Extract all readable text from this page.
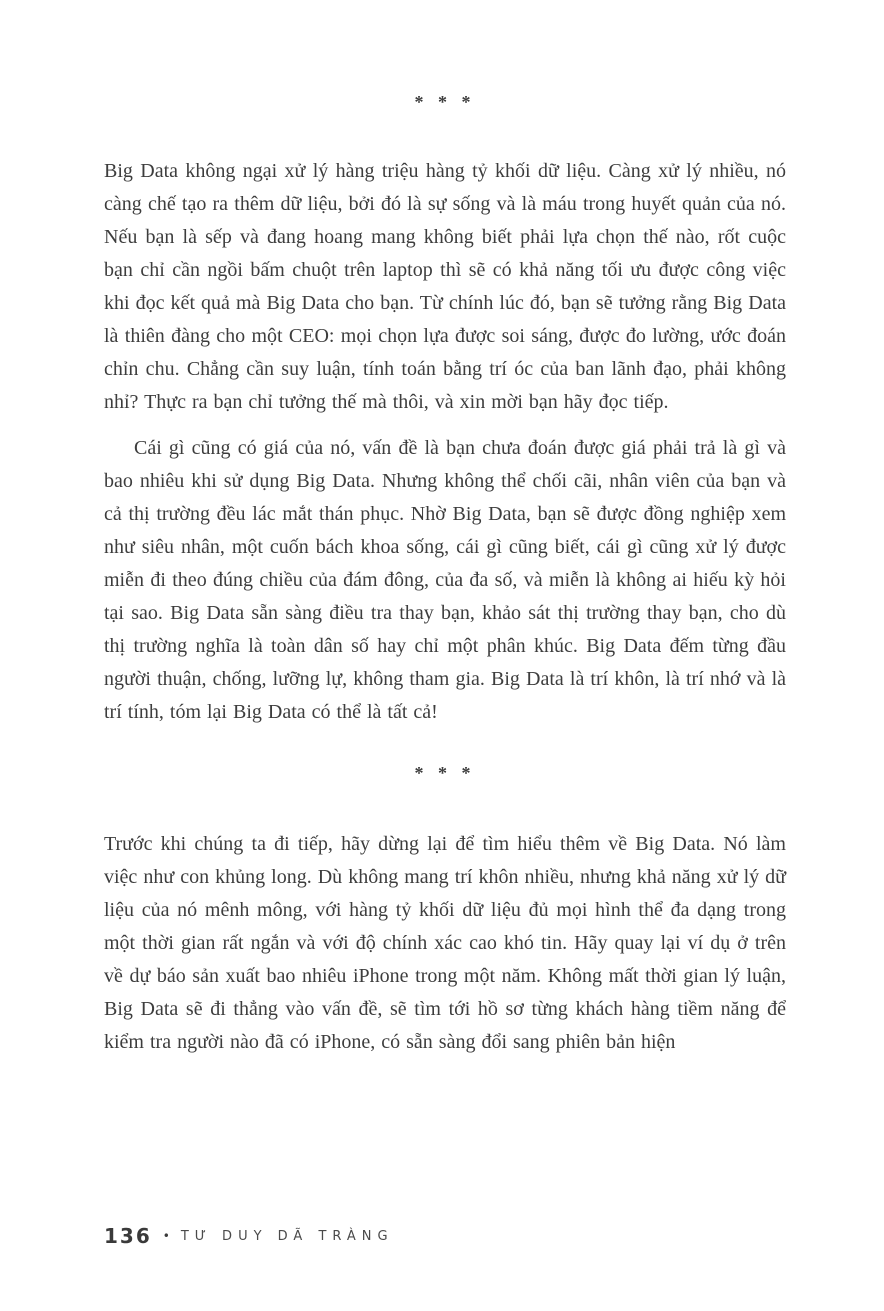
* * *

Big Data không ngại xử lý hàng triệu hàng tỷ khối dữ liệu. Càng xử lý nhiều, nó càng chế tạo ra thêm dữ liệu, bởi đó là sự sống và là máu trong huyết quản của nó. Nếu bạn là sếp và đang hoang mang không biết phải lựa chọn thế nào, rốt cuộc bạn chỉ cần ngồi bấm chuột trên laptop thì sẽ có khả năng tối ưu được công việc khi đọc kết quả mà Big Data cho bạn. Từ chính lúc đó, bạn sẽ tưởng rằng Big Data là thiên đàng cho một CEO: mọi chọn lựa được soi sáng, được đo lường, ước đoán chỉn chu. Chẳng cần suy luận, tính toán bằng trí óc của ban lãnh đạo, phải không nhỉ? Thực ra bạn chỉ tưởng thế mà thôi, và xin mời bạn hãy đọc tiếp.

Cái gì cũng có giá của nó, vấn đề là bạn chưa đoán được giá phải trả là gì và bao nhiêu khi sử dụng Big Data. Nhưng không thể chối cãi, nhân viên của bạn và cả thị trường đều lác mắt thán phục. Nhờ Big Data, bạn sẽ được đồng nghiệp xem như siêu nhân, một cuốn bách khoa sống, cái gì cũng biết, cái gì cũng xử lý được miễn đi theo đúng chiều của đám đông, của đa số, và miễn là không ai hiếu kỳ hỏi tại sao. Big Data sẵn sàng điều tra thay bạn, khảo sát thị trường thay bạn, cho dù thị trường nghĩa là toàn dân số hay chỉ một phân khúc. Big Data đếm từng đầu người thuận, chống, lưỡng lự, không tham gia. Big Data là trí khôn, là trí nhớ và là trí tính, tóm lại Big Data có thể là tất cả!

* * *

Trước khi chúng ta đi tiếp, hãy dừng lại để tìm hiểu thêm về Big Data. Nó làm việc như con khủng long. Dù không mang trí khôn nhiều, nhưng khả năng xử lý dữ liệu của nó mênh mông, với hàng tỷ khối dữ liệu đủ mọi hình thể đa dạng trong một thời gian rất ngắn và với độ chính xác cao khó tin. Hãy quay lại ví dụ ở trên về dự báo sản xuất bao nhiêu iPhone trong một năm. Không mất thời gian lý luận, Big Data sẽ đi thẳng vào vấn đề, sẽ tìm tới hồ sơ từng khách hàng tiềm năng để kiểm tra người nào đã có iPhone, có sẵn sàng đổi sang phiên bản hiện

136 • TƯ DUY DÃ TRÀNG
